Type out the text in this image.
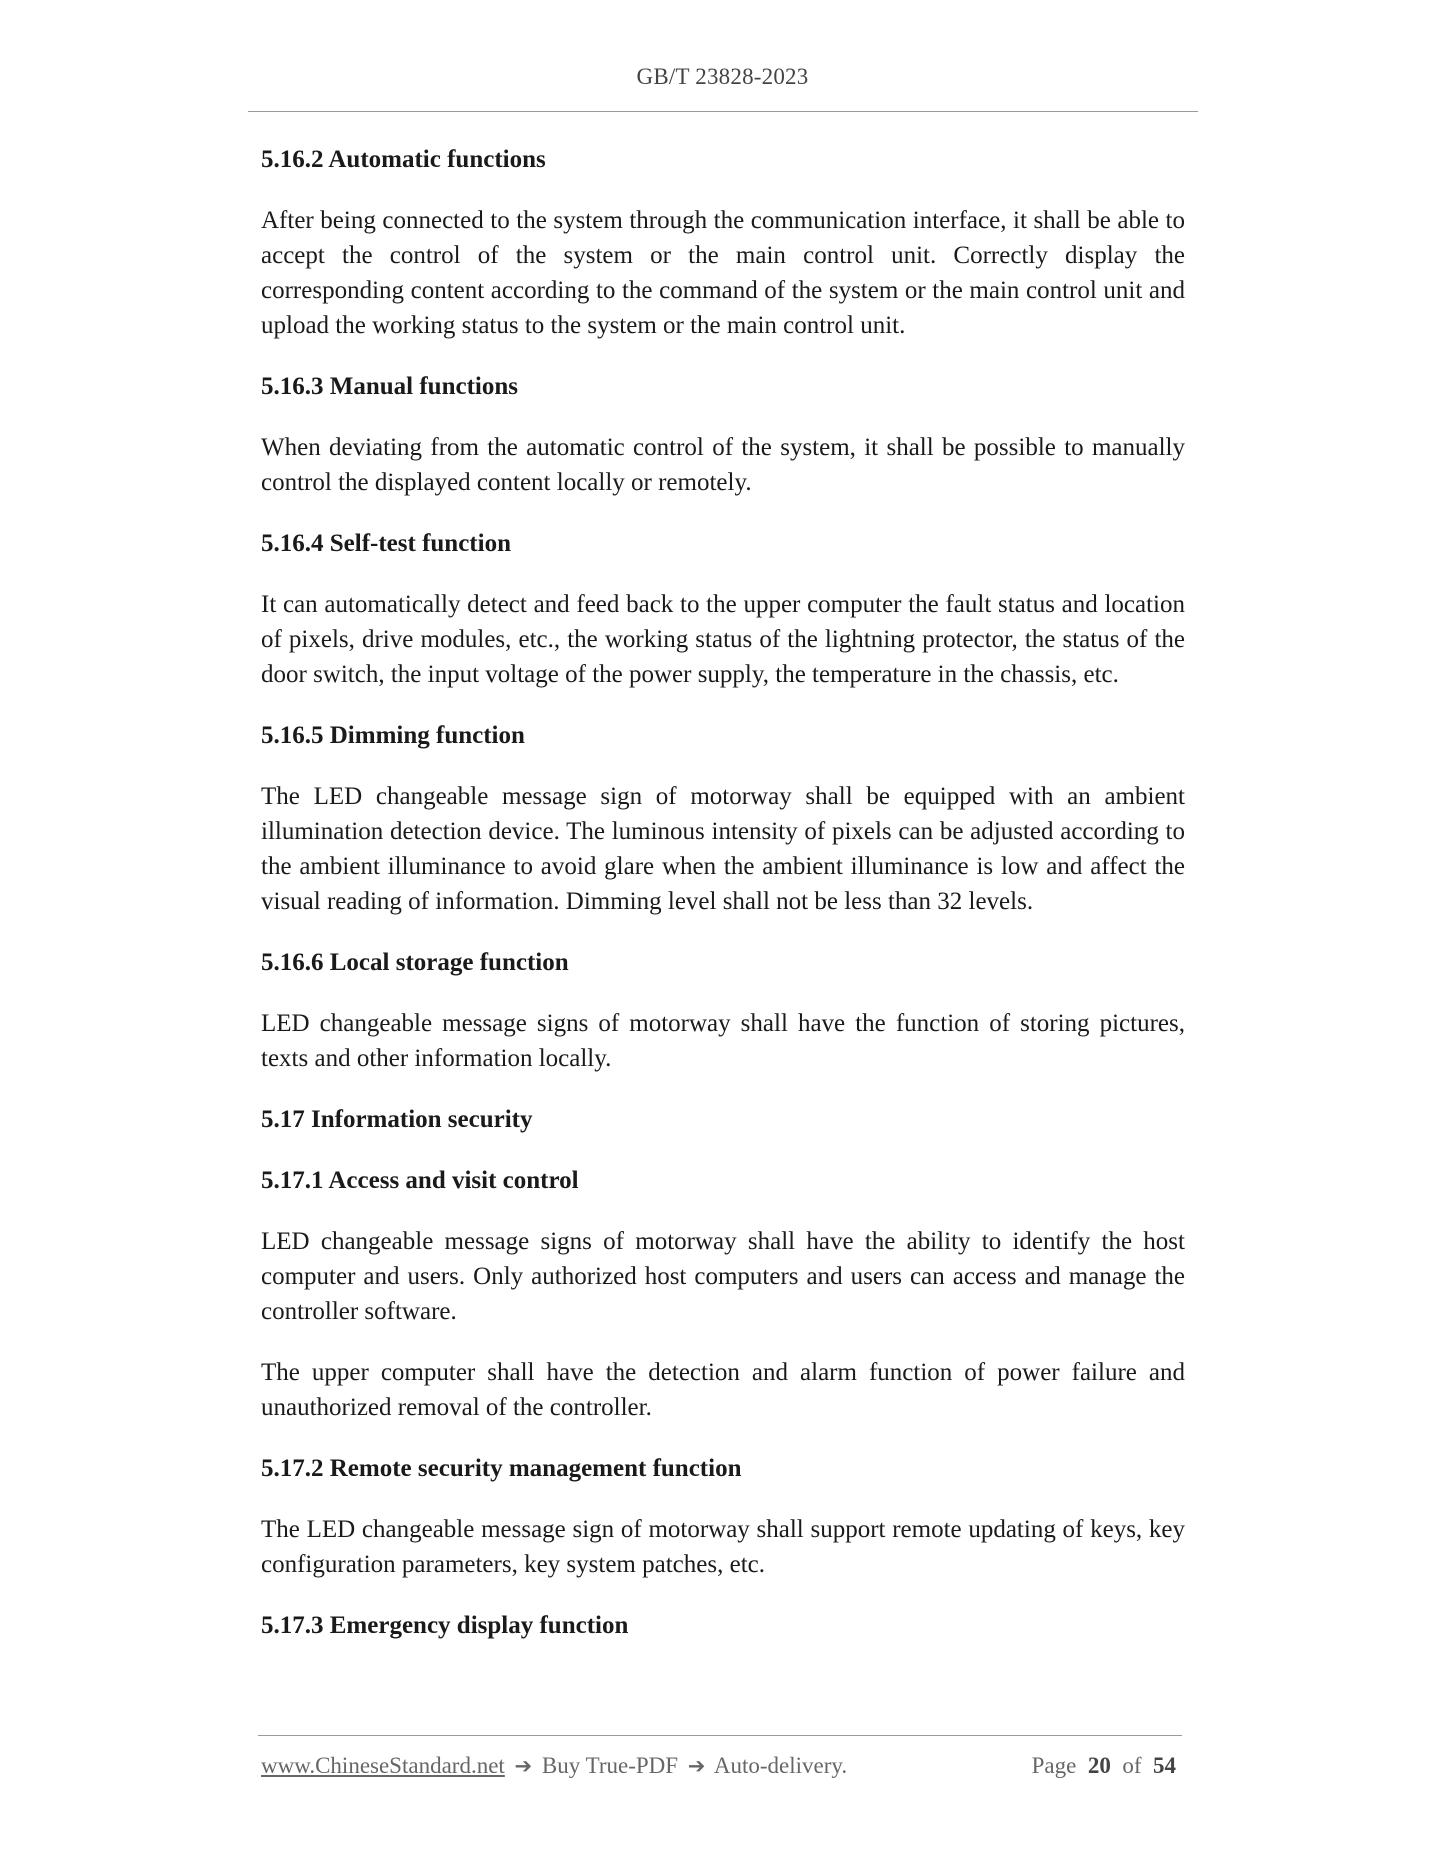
GB/T 23828-2023
5.16.2 Automatic functions

After being connected to the system through the communication interface, it shall be able to accept the control of the system or the main control unit. Correctly display the corresponding content according to the command of the system or the main control unit and upload the working status to the system or the main control unit.

5.16.3 Manual functions

When deviating from the automatic control of the system, it shall be possible to manually control the displayed content locally or remotely.

5.16.4 Self-test function

It can automatically detect and feed back to the upper computer the fault status and location of pixels, drive modules, etc., the working status of the lightning protector, the status of the door switch, the input voltage of the power supply, the temperature in the chassis, etc.

5.16.5 Dimming function

The LED changeable message sign of motorway shall be equipped with an ambient illumination detection device. The luminous intensity of pixels can be adjusted according to the ambient illuminance to avoid glare when the ambient illuminance is low and affect the visual reading of information. Dimming level shall not be less than 32 levels.

5.16.6 Local storage function

LED changeable message signs of motorway shall have the function of storing pictures, texts and other information locally.

5.17 Information security
5.17.1 Access and visit control

LED changeable message signs of motorway shall have the ability to identify the host computer and users. Only authorized host computers and users can access and manage the controller software.

The upper computer shall have the detection and alarm function of power failure and unauthorized removal of the controller.

5.17.2 Remote security management function

The LED changeable message sign of motorway shall support remote updating of keys, key configuration parameters, key system patches, etc.

5.17.3 Emergency display function
www.ChineseStandard.net ➔ Buy True-PDF ➔ Auto-delivery.	Page 20 of 54
